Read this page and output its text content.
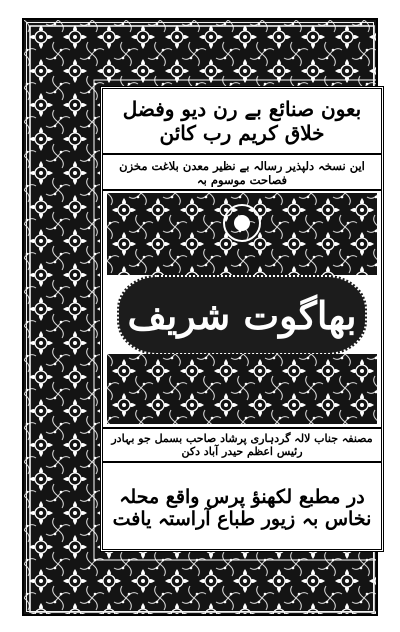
بعون صنائع بے رن دیو وفضل خلاق کریم رب کائن
این نسخہ دلپذیر رسالہ بے نظیر معدن بلاغت مخزن فصاحت موسوم بہ
بھاگوت شریف
مصنفہ جناب لالہ گردہاری پرشاد صاحب بسمل جو بہادر رئیس اعظم حیدر آباد دکن
در مطبع لکھنؤ پرس واقع محلہ نخاس بہ زیور طباع آراستہ یافت
